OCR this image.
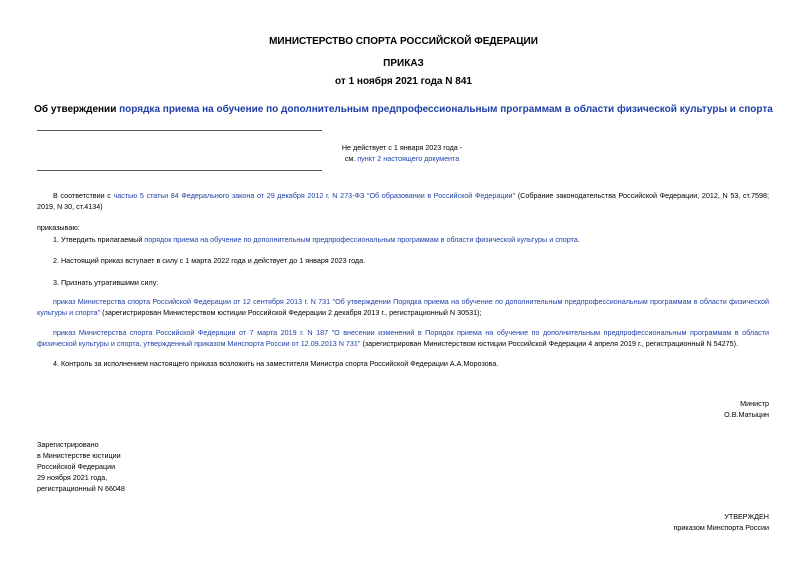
МИНИСТЕРСТВО СПОРТА РОССИЙСКОЙ ФЕДЕРАЦИИ
ПРИКАЗ
от 1 ноября 2021 года N 841
Об утверждении порядка приема на обучение по дополнительным предпрофессиональным программам в области физической культуры и спорта
Не действует с 1 января 2023 года -
см. пункт 2 настоящего документа
В соответствии с частью 5 статьи 84 Федерального закона от 29 декабря 2012 г. N 273-ФЗ "Об образовании в Российской Федерации" (Собрание законодательства Российской Федерации, 2012, N 53, ст.7598; 2019, N 30, ст.4134)
приказываю:
1. Утвердить прилагаемый порядок приема на обучение по дополнительным предпрофессиональным программам в области физической культуры и спорта.
2. Настоящий приказ вступает в силу с 1 марта 2022 года и действует до 1 января 2023 года.
3. Признать утратившими силу:
приказ Министерства спорта Российской Федерации от 12 сентября 2013 г. N 731 "Об утверждении Порядка приема на обучение по дополнительным предпрофессиональным программам в области физической культуры и спорта" (зарегистрирован Министерством юстиции Российской Федерации 2 декабря 2013 г., регистрационный N 30531);
приказ Министерства спорта Российской Федерации от 7 марта 2019 г. N 187 "О внесении изменений в Порядок приема на обучение по дополнительным предпрофессиональным программам в области физической культуры и спорта, утвержденный приказом Минспорта России от 12.09.2013 N 731" (зарегистрирован Министерством юстиции Российской Федерации 4 апреля 2019 г., регистрационный N 54275).
4. Контроль за исполнением настоящего приказа возложить на заместителя Министра спорта Российской Федерации А.А.Морозова.
Министр
О.В.Матыцин
Зарегистрировано
в Министерстве юстиции
Российской Федерации
29 ноября 2021 года,
регистрационный N 66048
УТВЕРЖДЕН
приказом Минспорта России
